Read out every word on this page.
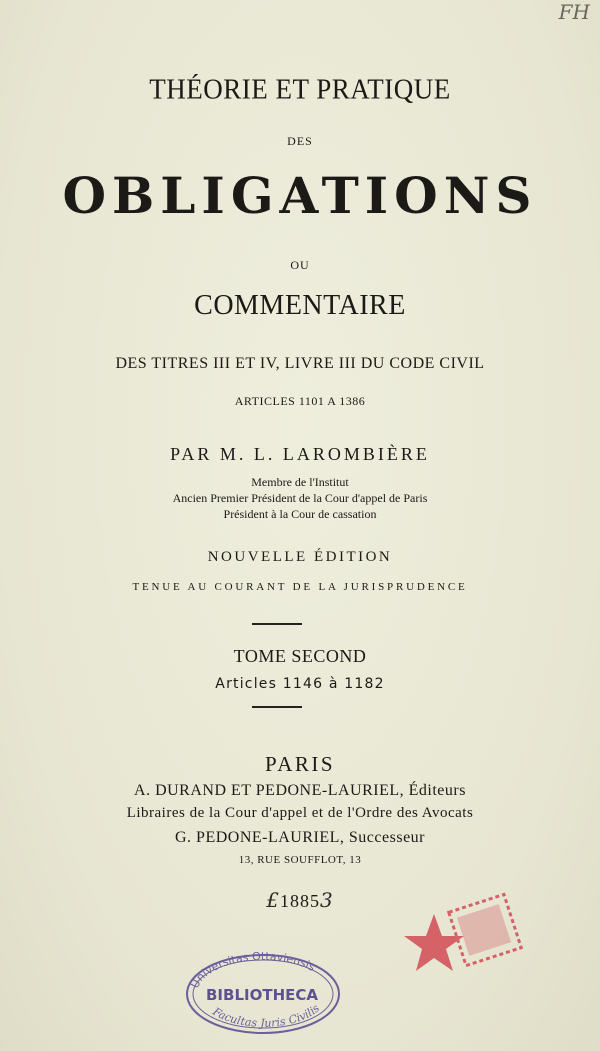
FH
THÉORIE ET PRATIQUE
DES
OBLIGATIONS
OU
COMMENTAIRE
DES TITRES III ET IV, LIVRE III DU CODE CIVIL
ARTICLES 1101 A 1386
PAR M. L. LAROMBIÈRE
Membre de l'Institut
Ancien Premier Président de la Cour d'appel de Paris
Président à la Cour de cassation
NOUVELLE ÉDITION
TENUE AU COURANT DE LA JURISPRUDENCE
TOME SECOND
Articles 1146 à 1182
PARIS
A. DURAND ET PEDONE-LAURIEL, Éditeurs
Libraires de la Cour d'appel et de l'Ordre des Avocats
G. PEDONE-LAURIEL, Successeur
13, RUE SOUFFLOT, 13
£18853
Universitas Ottaviensis
BIBLIOTHECA
Facultas Juris Civilis
